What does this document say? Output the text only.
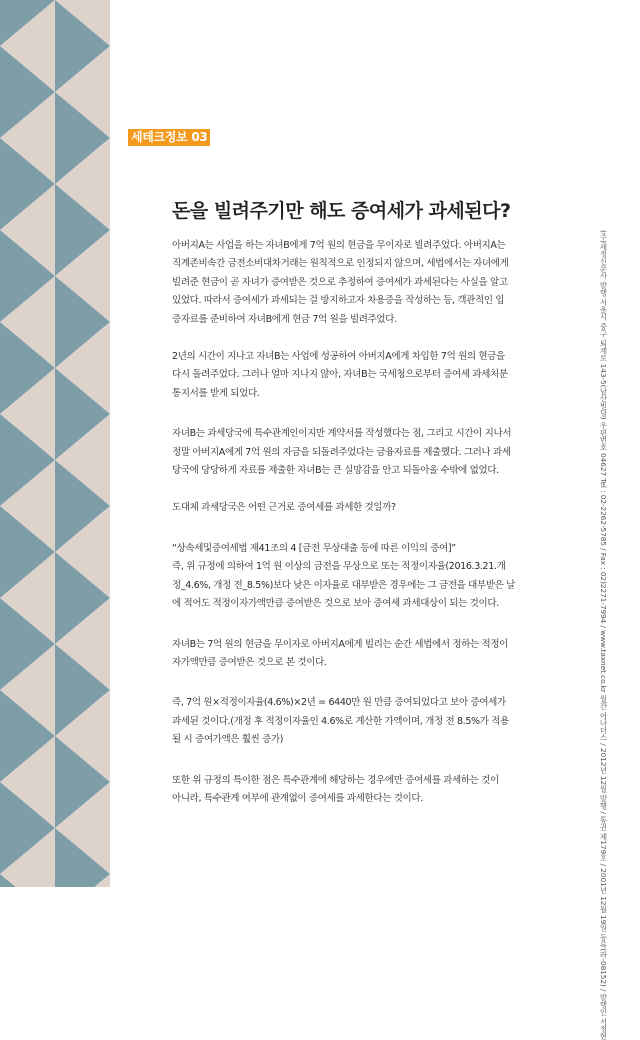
세테크정보 03
돈을 빌려주기만 해도 증여세가 과세된다?

아버지A는 사업을 하는 자녀B에게 7억 원의 현금을 무이자로 빌려주었다. 아버지A는
직계존비속간 금전소비대차거래는 원칙적으로 인정되지 않으며, 세법에서는 자녀에게
빌려준 현금이 곧 자녀가 증여받은 것으로 추정하여 증여세가 과세된다는 사실을 알고
있었다. 따라서 증여세가 과세되는 걸 방지하고자 차용증을 작성하는 등, 객관적인 입
증자료를 준비하여 자녀B에게 현금 7억 원을 빌려주었다.

2년의 시간이 지나고 자녀B는 사업에 성공하여 아버지A에게 차입한 7억 원의 현금을
다시 돌려주었다. 그러나 얼마 지나지 않아, 자녀B는 국세청으로부터 증여세 과세처분
통지서를 받게 되었다.

자녀B는 과세당국에 특수관계인이지만 계약서를 작성했다는 점, 그리고 시간이 지나서
정말 아버지A에게 7억 원의 자금을 되돌려주었다는 금융자료를 제출했다. 그러나 과세
당국에 당당하게 자료를 제출한 자녀B는 큰 실망감을 안고 되돌아올 수밖에 없었다.

도대체 과세당국은 어떤 근거로 증여세를 과세한 것일까?

“상속세및증여세법 제41조의 4 [금전 무상대출 등에 따른 이익의 증여]”
즉, 위 규정에 의하여 1억 원 이상의 금전을 무상으로 또는 적정이자율(2016.3.21.개
정_4.6%, 개정 전_8.5%)보다 낮은 이자율로 대부받은 경우에는 그 금전을 대부받은 날
에 적어도 적정이자가액만큼 증여받은 것으로 보아 증여세 과세대상이 되는 것이다.

자녀B는 7억 원의 현금을 무이자로 아버지A에게 빌리는 순간 세법에서 정하는 적정이
자가액만큼 증여받은 것으로 본 것이다.

즉, 7억 원×적정이자율(4.6%)×2년 = 6440만 원 만큼 증여되었다고 보아 증여세가
과세된 것이다.(개정 후 적정이자율인 4.6%로 계산한 가액이며, 개정 전 8.5%가 적용
될 시 증여가액은 훨씬 증가)

또한 위 규정의 특이한 점은 특수관계에 해당하는 경우에만 증여세를 과세하는 것이
아니라, 특수관계 여부에 관계없이 증여세를 과세한다는 것이다.	(주)세정신문사 발행 서울시 중구 퇴계로 143-5(남산빌딩) 우편번호 04627 Tel : 02-2262-5785 / Fax : 02)2271-7994 / www.taxnet.co.kr 월간 어나더스 / 2012년 12월 발행 / 통권 제179호 / 2001년 12월 19일 등록(라-08152) / 발행인 서정현
